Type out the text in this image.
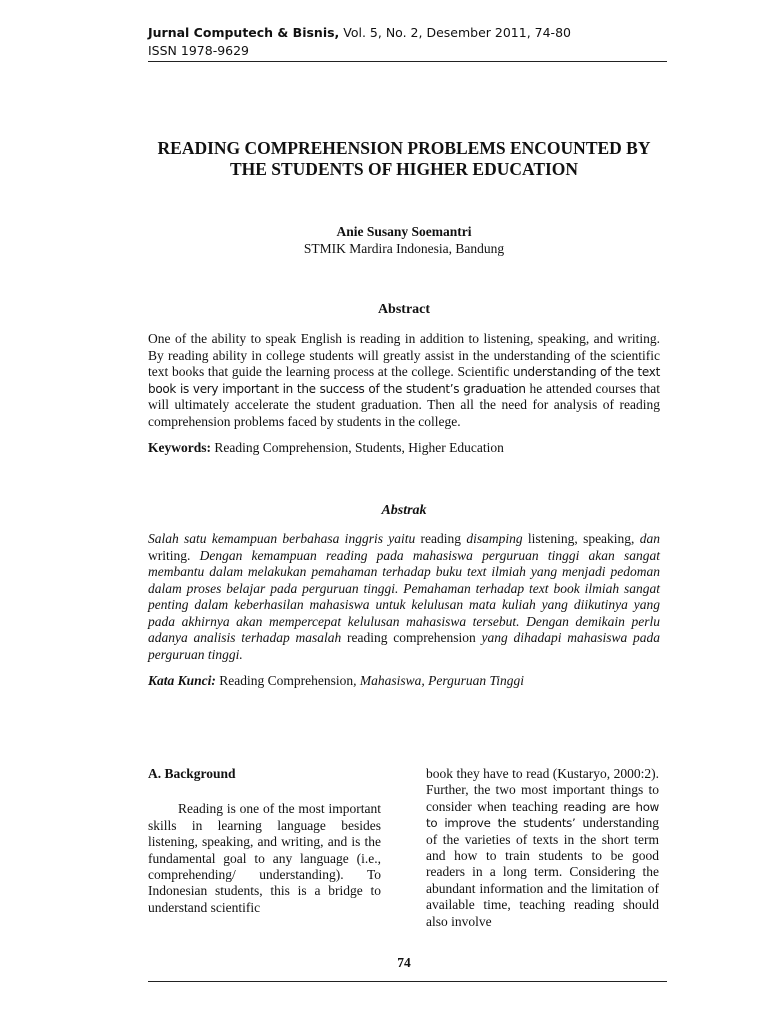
Jurnal Computech & Bisnis, Vol. 5, No. 2, Desember 2011, 74-80
ISSN 1978-9629
READING COMPREHENSION PROBLEMS ENCOUNTED BY
THE STUDENTS OF HIGHER EDUCATION
Anie Susany Soemantri
STMIK Mardira Indonesia, Bandung
Abstract

One of the ability to speak English is reading in addition to listening, speaking, and writing. By reading ability in college students will greatly assist in the understanding of the scientific text books that guide the learning process at the college. Scientific understanding of the text book is very important in the success of the student’s graduation he attended courses that will ultimately accelerate the student graduation. Then all the need for analysis of reading comprehension problems faced by students in the college.

Keywords: Reading Comprehension, Students, Higher Education

Abstrak

Salah satu kemampuan berbahasa inggris yaitu reading disamping listening, speaking, dan writing. Dengan kemampuan reading pada mahasiswa perguruan tinggi akan sangat membantu dalam melakukan pemahaman terhadap buku text ilmiah yang menjadi pedoman dalam proses belajar pada perguruan tinggi. Pemahaman terhadap text book ilmiah sangat penting dalam keberhasilan mahasiswa untuk kelulusan mata kuliah yang diikutinya yang pada akhirnya akan mempercepat kelulusan mahasiswa tersebut. Dengan demikain perlu adanya analisis terhadap masalah reading comprehension yang dihadapi mahasiswa pada perguruan tinggi.

Kata Kunci: Reading Comprehension, Mahasiswa, Perguruan Tinggi

A. Background

Reading is one of the most important skills in learning language besides listening, speaking, and writing, and is the fundamental goal to any language (i.e., comprehending/ understanding). To Indonesian students, this is a bridge to understand scientific

book they have to read (Kustaryo, 2000:2). Further, the two most important things to consider when teaching reading are how to improve the students’ understanding of the varieties of texts in the short term and how to train students to be good readers in a long term. Considering the abundant information and the limitation of available time, teaching reading should also involve

74
